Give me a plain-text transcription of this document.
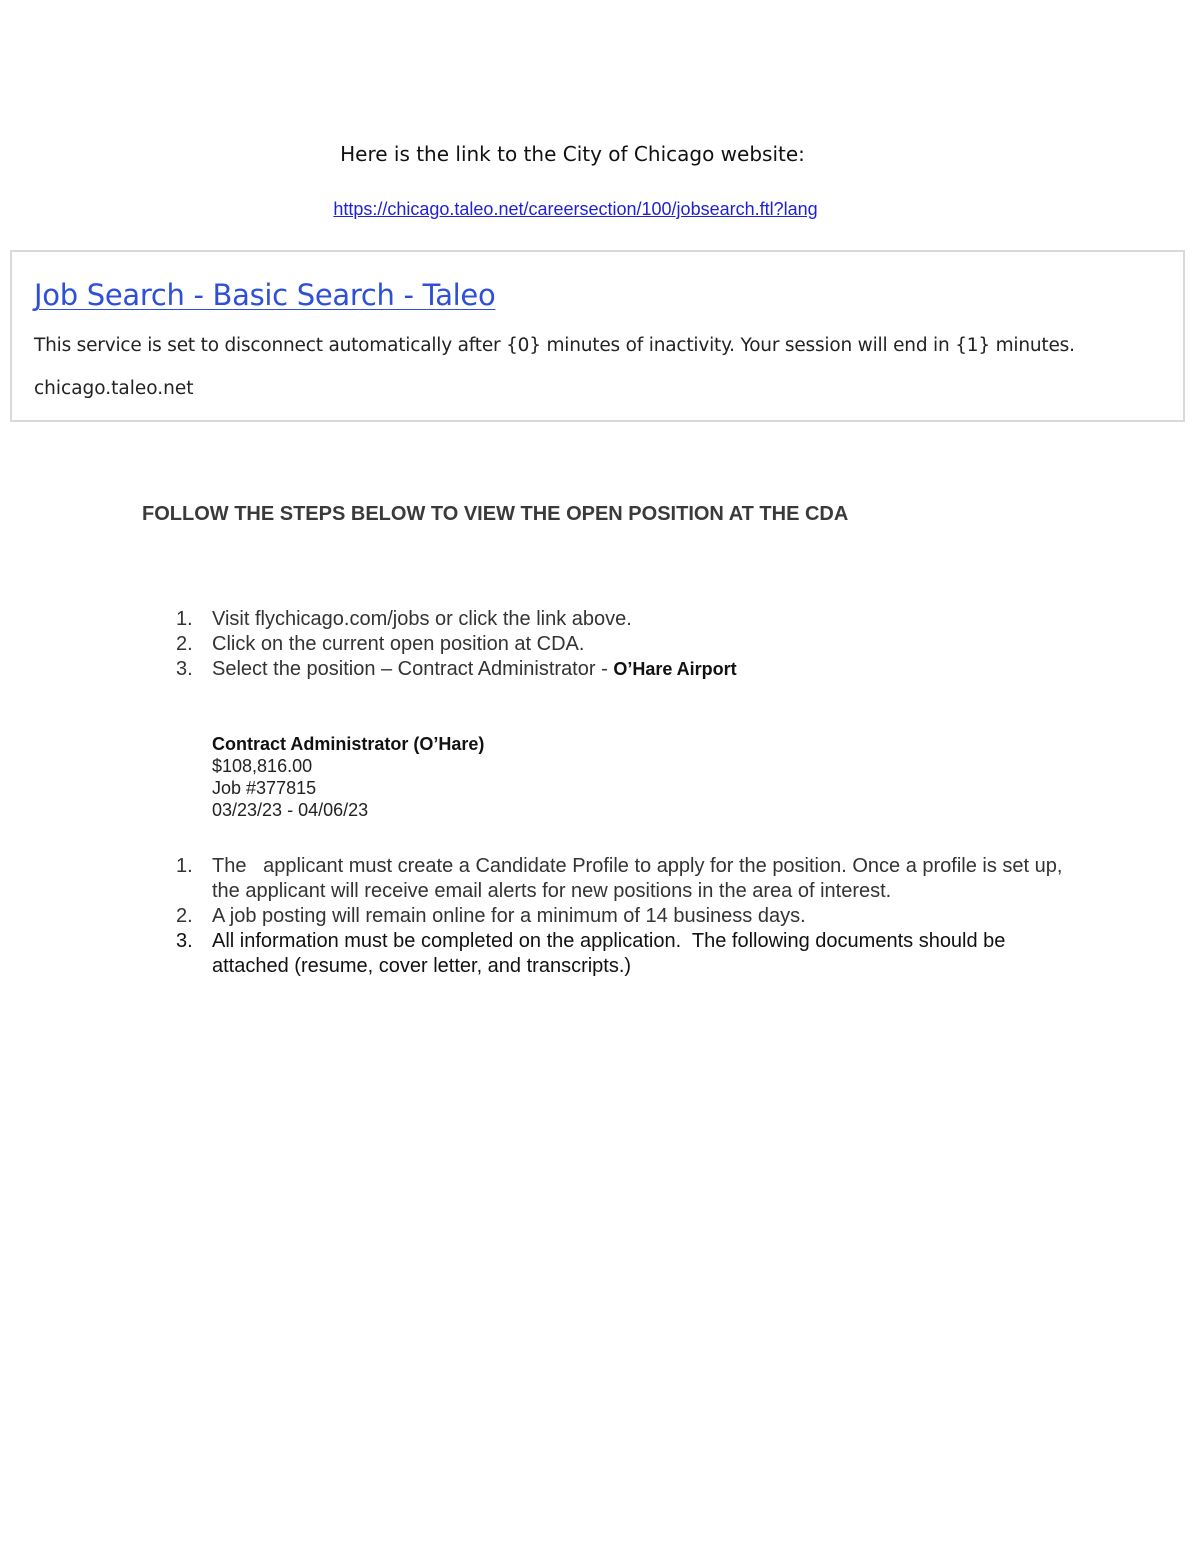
Here is the link to the City of Chicago website:
https://chicago.taleo.net/careersection/100/jobsearch.ftl?lang
Job Search - Basic Search - Taleo
This service is set to disconnect automatically after {0} minutes of inactivity. Your session will end in {1} minutes.
chicago.taleo.net
FOLLOW THE STEPS BELOW TO VIEW THE OPEN POSITION AT THE CDA
1. Visit flychicago.com/jobs or click the link above.
2. Click on the current open position at CDA.
3. Select the position – Contract Administrator - O’Hare Airport
Contract Administrator (O’Hare)
$108,816.00
Job #377815
03/23/23 - 04/06/23
1. The   applicant must create a Candidate Profile to apply for the position. Once a profile is set up, the applicant will receive email alerts for new positions in the area of interest.
2. A job posting will remain online for a minimum of 14 business days.
3. All information must be completed on the application.  The following documents should be attached (resume, cover letter, and transcripts.)
